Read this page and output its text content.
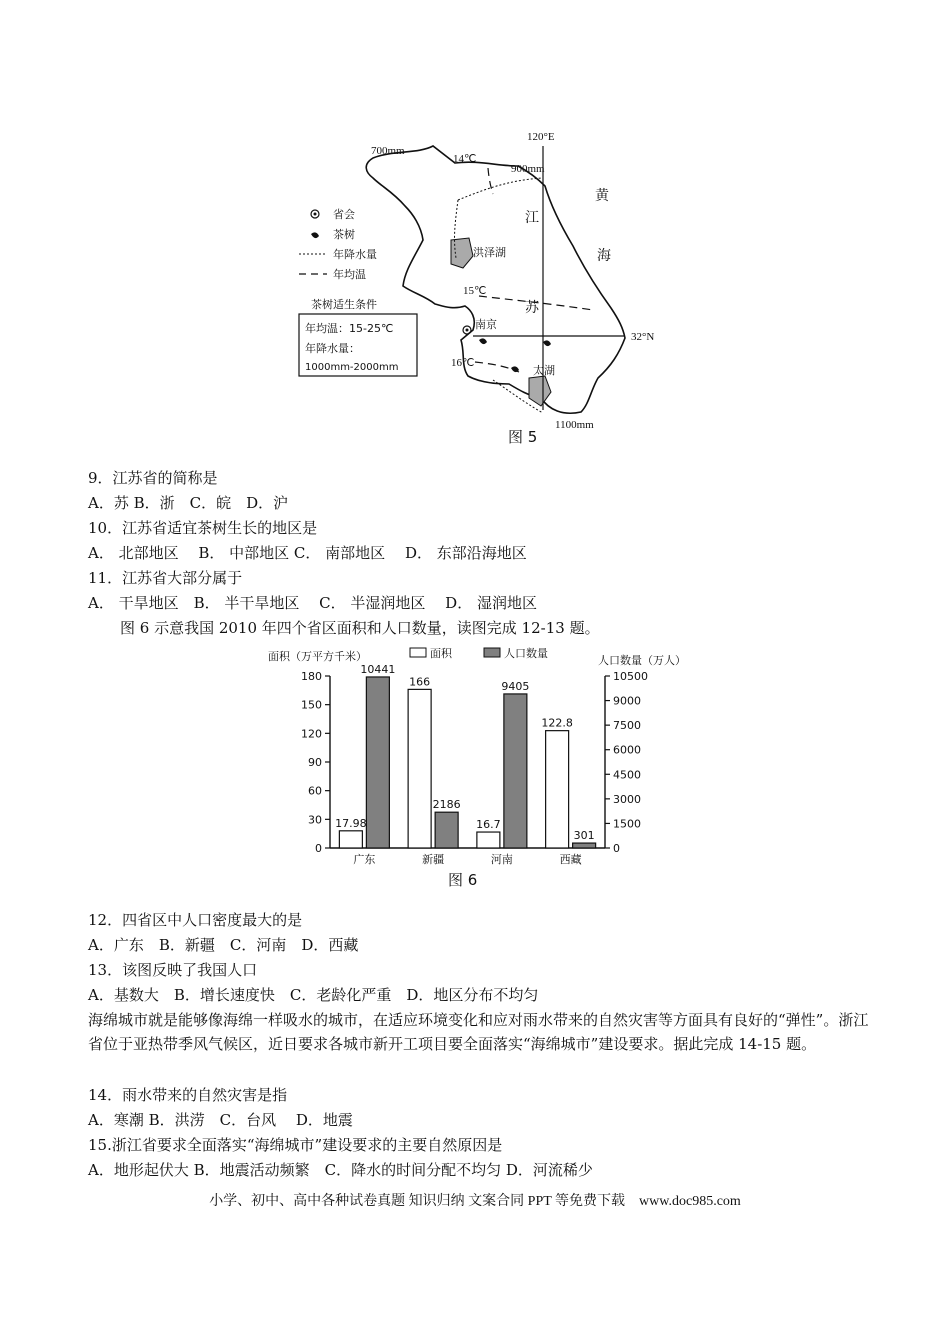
120°E
32°N
700mm
900mm
1100mm
14℃
15℃
16℃
黄
海
江
苏
洪泽湖
太湖
南京
省会
茶树
年降水量
年均温
茶树适生条件
年均温：15-25℃
年降水量：
1000mm-2000mm
图 5
9．江苏省的简称是
A．苏 B．浙　C．皖　D．沪
10．江苏省适宜茶树生长的地区是
A． 北部地区　 B． 中部地区 C． 南部地区　 D． 东部沿海地区
11．江苏省大部分属于
A． 干旱地区　B． 半干旱地区　 C． 半湿润地区　 D． 湿润地区
图 6 示意我国 2010 年四个省区面积和人口数量，读图完成 12-13 题。
0
30
60
90
120
150
180
0
1500
3000
4500
6000
7500
9000
10500
面积（万平方千米）	人口数量（万人）
面积	人口数量
17.98
10441
广东
166
2186
新疆
16.7
9405
河南
122.8
301
西藏
图 6
12．四省区中人口密度最大的是
A．广东　B．新疆　C．河南　D．西藏
13．该图反映了我国人口
A．基数大　B．增长速度快　C．老龄化严重　D．地区分布不均匀
海绵城市就是能够像海绵一样吸水的城市，在适应环境变化和应对雨水带来的自然灾害等方面具有良好的“弹性”。浙江省位于亚热带季风气候区，近日要求各城市新开工项目要全面落实“海绵城市”建设要求。据此完成 14-15 题。
14．雨水带来的自然灾害是指
A．寒潮 B．洪涝　C．台风　 D．地震
15.浙江省要求全面落实“海绵城市”建设要求的主要自然原因是
A．地形起伏大 B．地震活动频繁　C．降水的时间分配不均匀 D．河流稀少
小学、初中、高中各种试卷真题 知识归纳 文案合同 PPT 等免费下载　www.doc985.com
